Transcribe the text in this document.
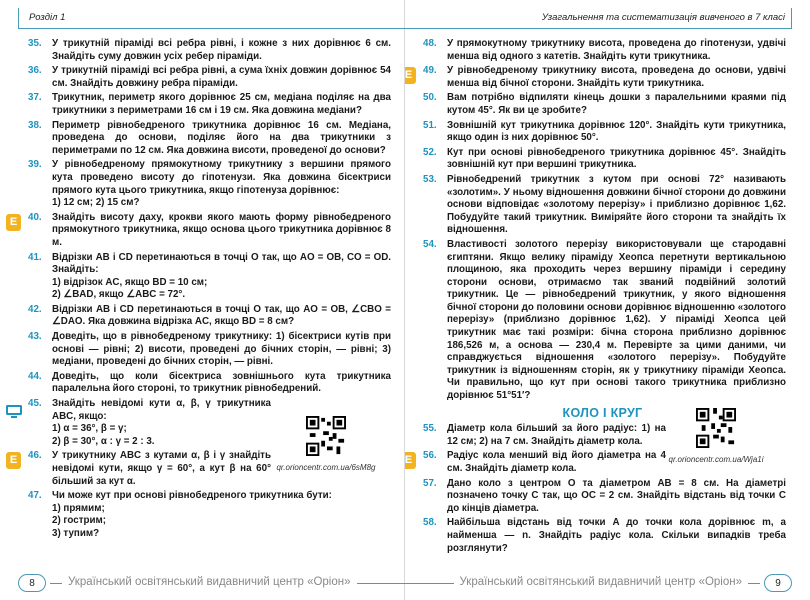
Розділ 1
35. У трикутній піраміді всі ребра рівні, і кожне з них дорівнює 6 см. Знайдіть суму довжин усіх ребер піраміди.
36. У трикутній піраміді всі ребра рівні, а сума їхніх довжин дорівнює 54 см. Знайдіть довжину ребра піраміди.
37. Трикутник, периметр якого дорівнює 25 см, медіана поділяє на два трикутники з периметрами 16 см і 19 см. Яка довжина медіани?
38. Периметр рівнобедреного трикутника дорівнює 16 см. Медіана, проведена до основи, поділяє його на два трикутники з периметрами по 12 см. Яка довжина висоти, проведеної до основи?
39. У рівнобедреному прямокутному трикутнику з вершини прямого кута проведено висоту до гіпотенузи. Яка довжина бісектриси прямого кута цього трикутника, якщо гіпотенуза дорівнює:
1) 12 см; 2) 15 см?
Е	40. Знайдіть висоту даху, крокви якого мають форму рівнобедреного прямокутного трикутника, якщо основа цього трикутника дорівнює 8 м.
41. Відрізки AB і CD перетинаються в точці O так, що AO = OB, CO = OD. Знайдіть:
1) відрізок AC, якщо BD = 10 см;
2) ∠BAD, якщо ∠ABC = 72°.
42. Відрізки AB і CD перетинаються в точці O так, що AO = OB, ∠CBO = ∠DAO. Яка довжина відрізка AC, якщо BD = 8 см?
43. Доведіть, що в рівнобедреному трикутнику: 1) бісектриси кутів при основі — рівні; 2) висоти, проведені до бічних сторін, — рівні; 3) медіани, проведені до бічних сторін, — рівні.
44. Доведіть, що коли бісектриса зовнішнього кута трикутника паралельна його стороні, то трикутник рівнобедрений.
45. Знайдіть невідомі кути α, β, γ трикутника ABC, якщо:
1) α = 36°, β = γ;
2) β = 30°, α : γ = 2 : 3.
Е	46. У трикутнику ABC з кутами α, β і γ знайдіть невідомі кути, якщо γ = 60°, а кут β на 60° більший за кут α.
47. Чи може кут при основі рівнобедреного трикутника бути:
1) прямим;
2) гострим;
3) тупим?
qr.orioncentr.com.ua/6sM8g
8	Український освітянський видавничий центр «Оріон»
Узагальнення та систематизація вивченого в 7 класі
48. У прямокутному трикутнику висота, проведена до гіпотенузи, удвічі менша від одного з катетів. Знайдіть кути трикутника.
Е	49. У рівнобедреному трикутнику висота, проведена до основи, удвічі менша від бічної сторони. Знайдіть кути трикутника.
50. Вам потрібно відпиляти кінець дошки з паралельними краями під кутом 45°. Як ви це зробите?
51. Зовнішній кут трикутника дорівнює 120°. Знайдіть кути трикутника, якщо один із них дорівнює 50°.
52. Кут при основі рівнобедреного трикутника дорівнює 45°. Знайдіть зовнішній кут при вершині трикутника.
53. Рівнобедрений трикутник з кутом при основі 72° називають «золотим». У ньому відношення довжини бічної сторони до довжини основи відповідає «золотому перерізу» і приблизно дорівнює 1,62. Побудуйте такий трикутник. Виміряйте його сторони та знайдіть їх відношення.
54. Властивості золотого перерізу використовували ще стародавні єгиптяни. Якщо велику піраміду Хеопса перетнути вертикальною площиною, яка проходить через вершину піраміди і середину сторони основи, отримаємо так званий подвійний золотий трикутник. Це — рівнобедрений трикутник, у якого відношення бічної сторони до половини основи дорівнює відношенню «золотого перерізу» (приблизно дорівнює 1,62). У піраміді Хеопса цей трикутник має такі розміри: бічна сторона приблизно дорівнює 186,526 м, а основа — 230,4 м. Перевірте за цими даними, чи справджується відношення «золотого перерізу». Побудуйте трикутник із відношенням сторін, як у трикутнику піраміди Хеопса. Чи правильно, що кут при основі такого трикутника приблизно дорівнює 51°51′?
КОЛО І КРУГ
55. Діаметр кола більший за його радіус: 1) на 12 см; 2) на 7 см. Знайдіть діаметр кола.
Е	56. Радіус кола менший від його діаметра на 4 см. Знайдіть діаметр кола.
57. Дано коло з центром O та діаметром AB = 8 см. На діаметрі позначено точку C так, що OC = 2 см. Знайдіть відстань від точки C до кінців діаметра.
58. Найбільша відстань від точки A до точки кола дорівнює m, а найменша — n. Знайдіть радіус кола. Скільки випадків треба розглянути?
qr.orioncentr.com.ua/Wja1i
Український освітянський видавничий центр «Оріон»	9
